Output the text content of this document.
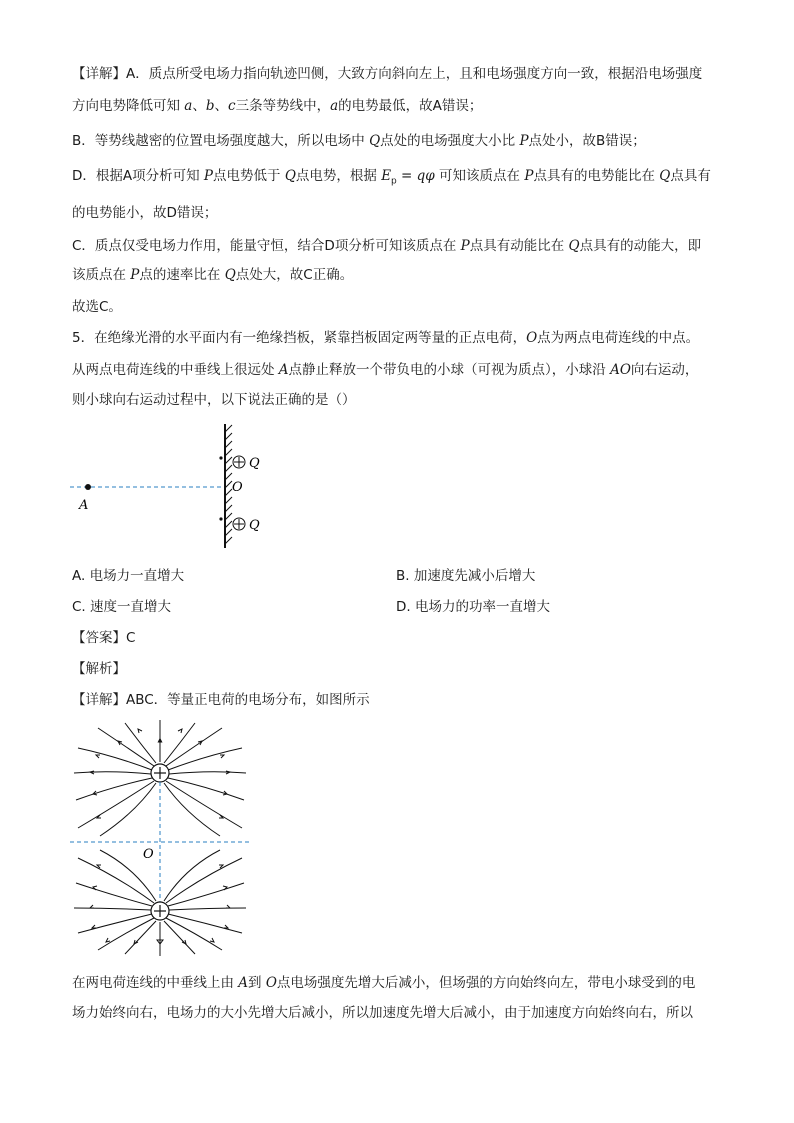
【详解】A．质点所受电场力指向轨迹凹侧，大致方向斜向左上，且和电场强度方向一致，根据沿电场强度
方向电势降低可知 a、b、c三条等势线中，a的电势最低，故A错误；
B．等势线越密的位置电场强度越大，所以电场中 Q点处的电场强度大小比 P点处小，故B错误；
D．根据A项分析可知 P点电势低于 Q点电势，根据 $E_p = q\varphi$ 可知该质点在 P点具有的电势能比在 Q点具有
的电势能小，故D错误；
C．质点仅受电场力作用，能量守恒，结合D项分析可知该质点在 P点具有动能比在 Q点具有的动能大，即
该质点在 P点的速率比在 Q点处大，故C正确。
故选C。
5．在绝缘光滑的水平面内有一绝缘挡板，紧靠挡板固定两等量的正点电荷，O点为两点电荷连线的中点。
从两点电荷连线的中垂线上很远处 A点静止释放一个带负电的小球（可视为质点），小球沿 AO向右运动，
则小球向右运动过程中，以下说法正确的是（）
A
Q
O
Q
A. 电场力一直增大	B. 加速度先减小后增大
C. 速度一直增大	D. 电场力的功率一直增大
【答案】C
【解析】
【详解】ABC．等量正电荷的电场分布，如图所示
O
在两电荷连线的中垂线上由 A到 O点电场强度先增大后减小，但场强的方向始终向左，带电小球受到的电
场力始终向右，电场力的大小先增大后减小，所以加速度先增大后减小，由于加速度方向始终向右，所以
